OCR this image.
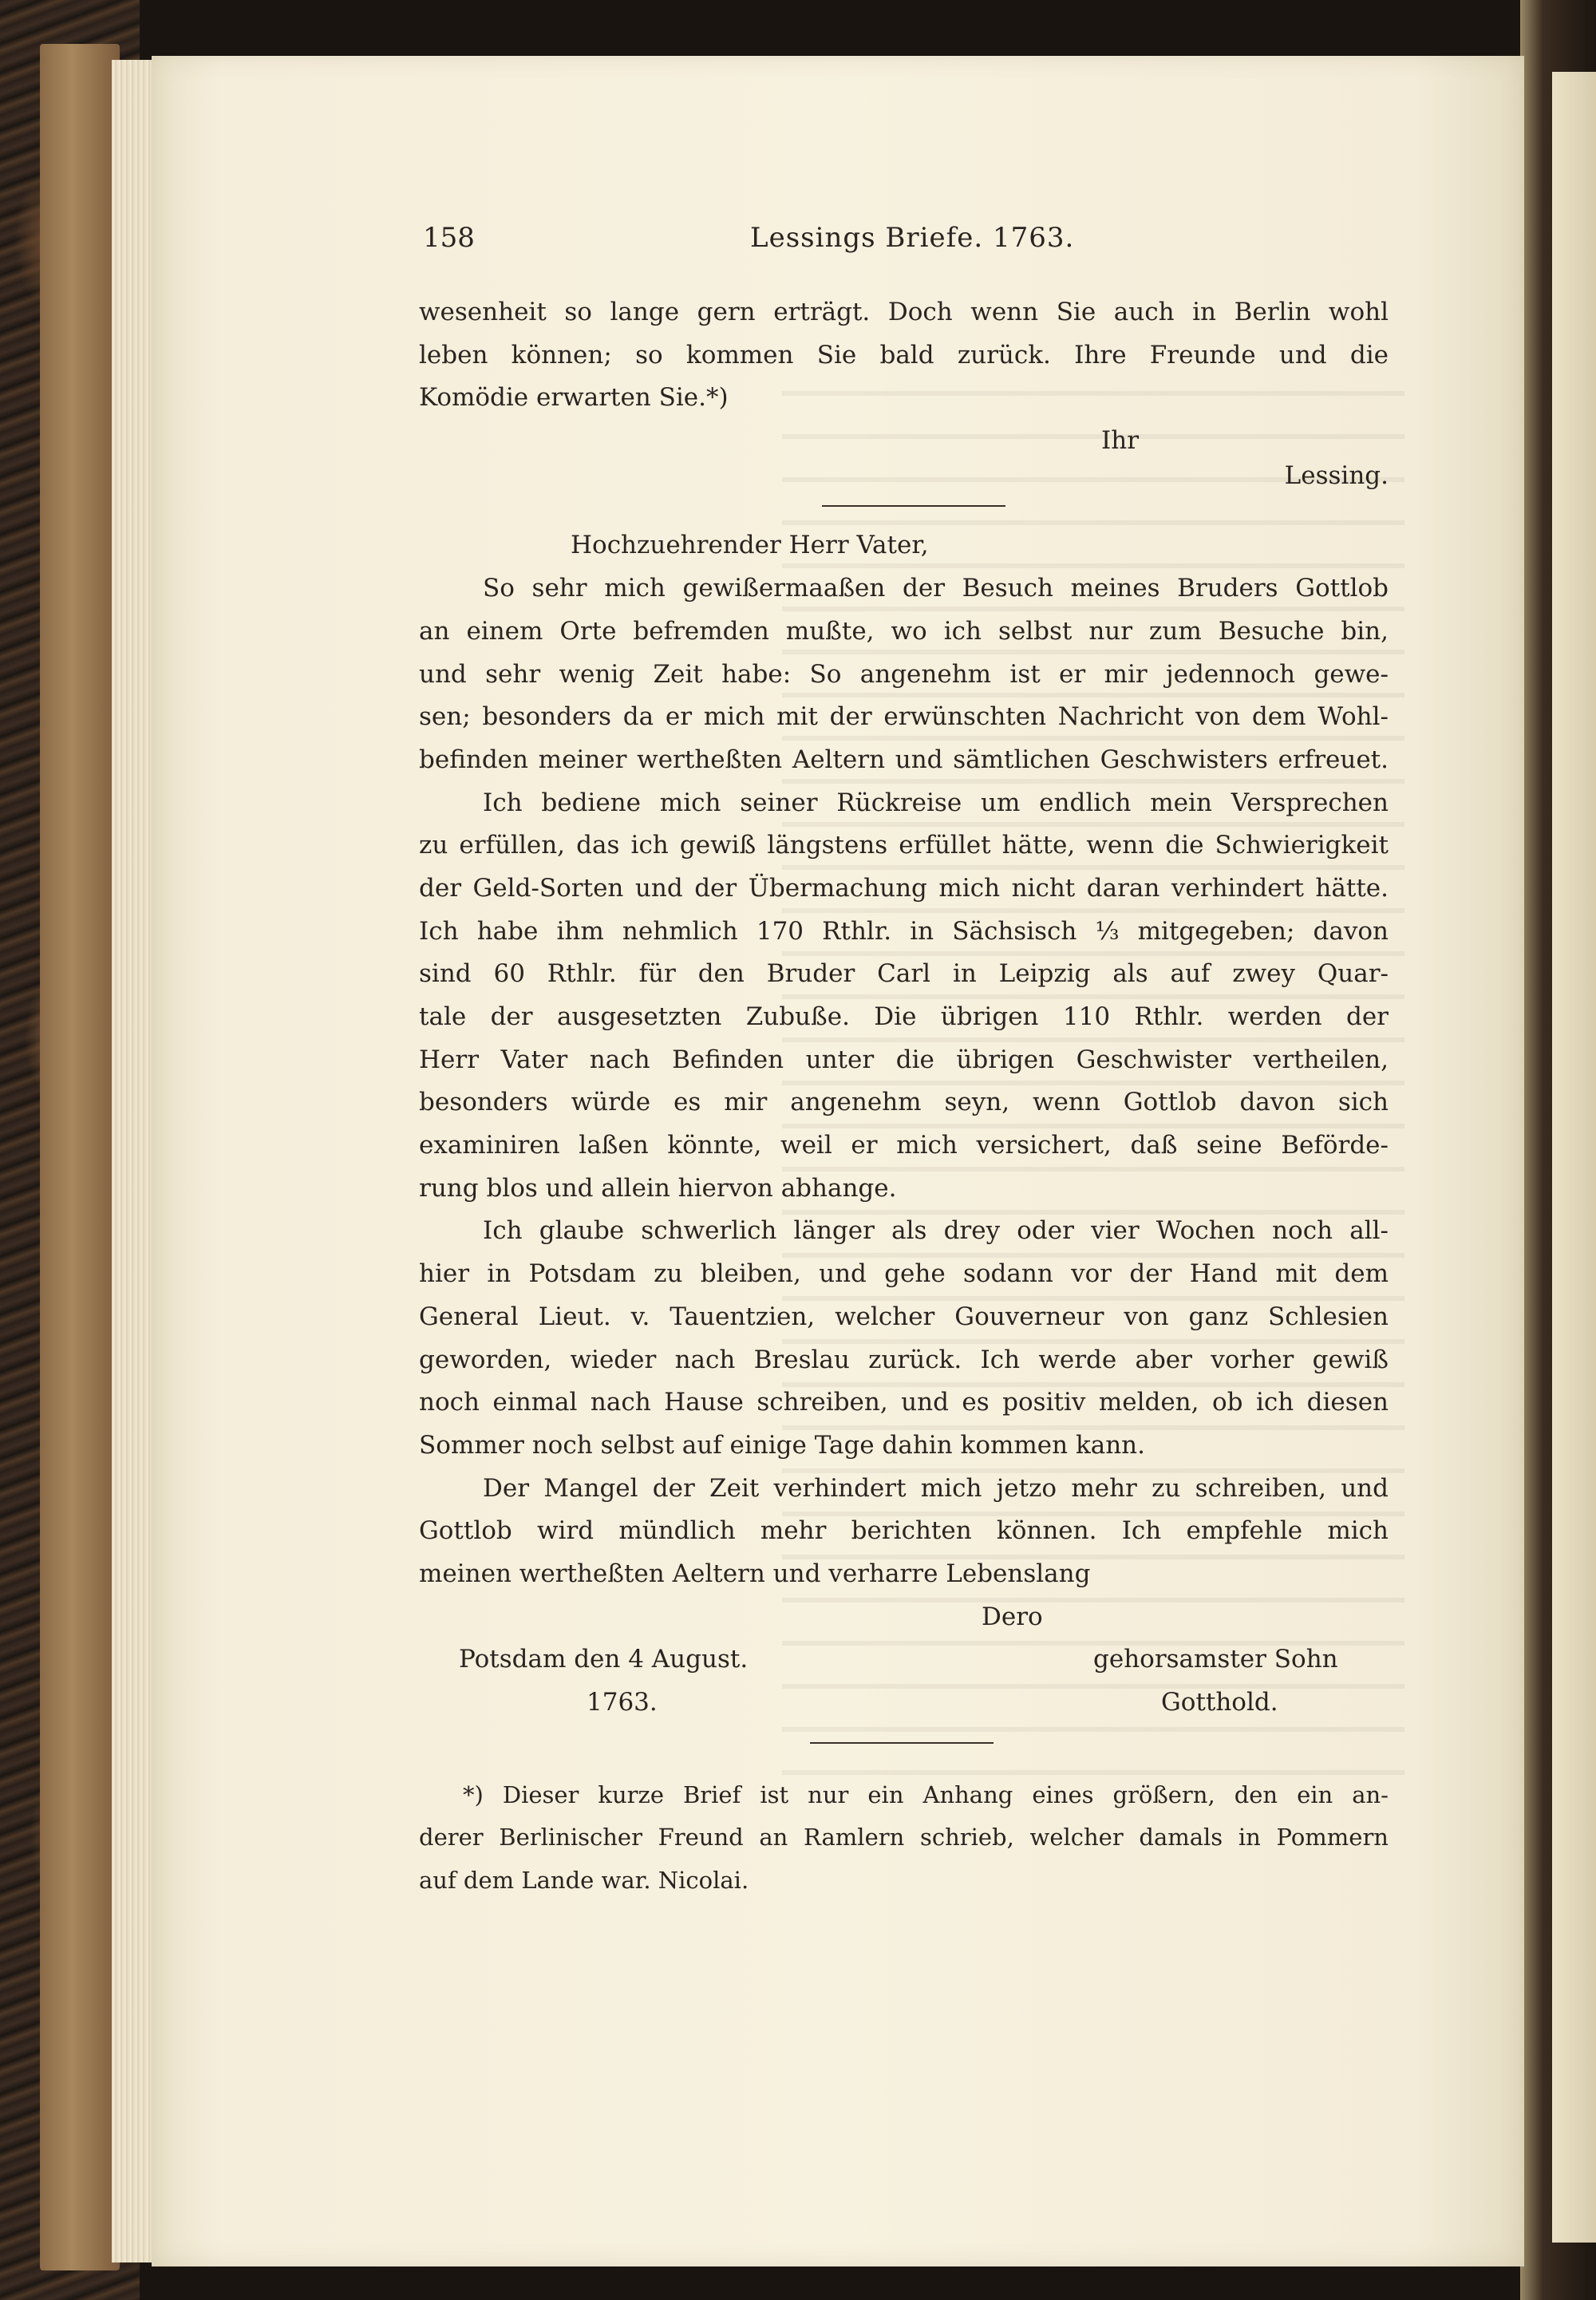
158	Lessings Briefe. 1763.
wesenheit so lange gern erträgt. Doch wenn Sie auch in Berlin wohl
leben können; so kommen Sie bald zurück. Ihre Freunde und die
Komödie erwarten Sie.*)
Ihr
Lessing.
Hochzuehrender Herr Vater,
So sehr mich gewißermaaßen der Besuch meines Bruders Gottlob
an einem Orte befremden mußte, wo ich selbst nur zum Besuche bin,
und sehr wenig Zeit habe: So angenehm ist er mir jedennoch gewe-
sen; besonders da er mich mit der erwünschten Nachricht von dem Wohl-
befinden meiner wertheßten Aeltern und sämtlichen Geschwisters erfreuet.
Ich bediene mich seiner Rückreise um endlich mein Versprechen
zu erfüllen, das ich gewiß längstens erfüllet hätte, wenn die Schwierigkeit
der Geld-Sorten und der Übermachung mich nicht daran verhindert hätte.
Ich habe ihm nehmlich 170 Rthlr. in Sächsisch ⅓ mitgegeben; davon
sind 60 Rthlr. für den Bruder Carl in Leipzig als auf zwey Quar-
tale der ausgesetzten Zubuße. Die übrigen 110 Rthlr. werden der
Herr Vater nach Befinden unter die übrigen Geschwister vertheilen,
besonders würde es mir angenehm seyn, wenn Gottlob davon sich
examiniren laßen könnte, weil er mich versichert, daß seine Beförde-
rung blos und allein hiervon abhange.
Ich glaube schwerlich länger als drey oder vier Wochen noch all-
hier in Potsdam zu bleiben, und gehe sodann vor der Hand mit dem
General Lieut. v. Tauentzien, welcher Gouverneur von ganz Schlesien
geworden, wieder nach Breslau zurück. Ich werde aber vorher gewiß
noch einmal nach Hause schreiben, und es positiv melden, ob ich diesen
Sommer noch selbst auf einige Tage dahin kommen kann.
Der Mangel der Zeit verhindert mich jetzo mehr zu schreiben, und
Gottlob wird mündlich mehr berichten können. Ich empfehle mich
meinen wertheßten Aeltern und verharre Lebenslang
Dero
Potsdam den 4 August.	gehorsamster Sohn
1763.	Gotthold.
*) Dieser kurze Brief ist nur ein Anhang eines größern, den ein an-
derer Berlinischer Freund an Ramlern schrieb, welcher damals in Pommern
auf dem Lande war. Nicolai.
